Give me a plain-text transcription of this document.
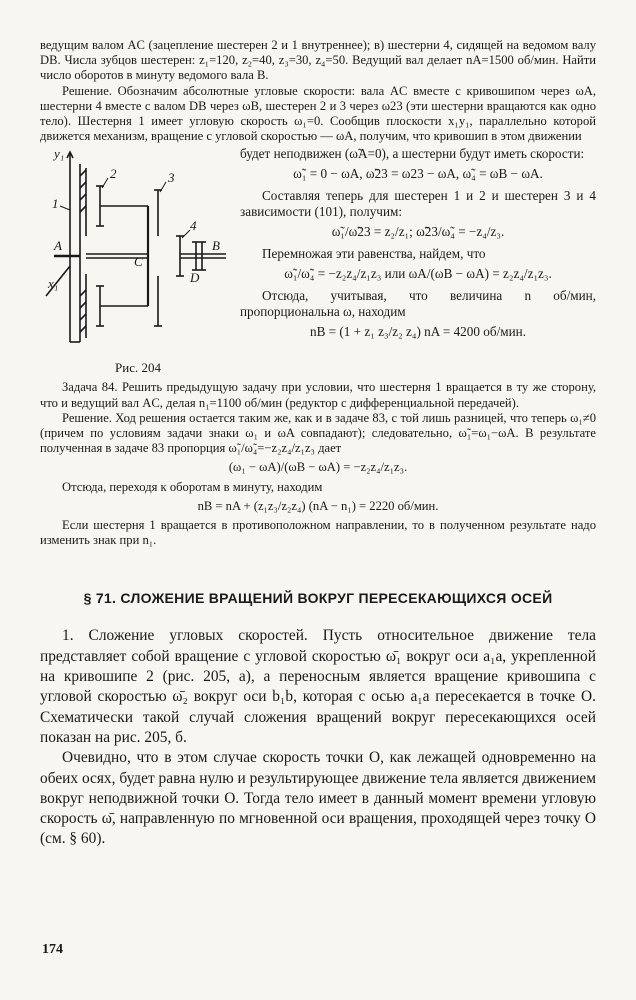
ведущим валом AC (зацепление шестерен 2 и 1 внутреннее); в) шестерни 4, сидящей на ведомом валу DB. Числа зубцов шестерен: z₁=120, z₂=40, z₃=30, z₄=50. Ведущий вал делает nA=1500 об/мин. Найти число оборотов в минуту ведомого вала B.

Решение. Обозначим абсолютные угловые скорости: вала AC вместе с кривошипом через ωA, шестерни 4 вместе с валом DB через ωB, шестерен 2 и 3 через ω23 (эти шестерни вращаются как одно тело). Шестерня 1 имеет угловую скорость ω₁=0. Сообщив плоскости x₁y₁, параллельно которой движется механизм, вращение с угловой скоростью — ωA, получим, что кривошип в этом движении

y₁
1
2	3
A
C
4
B
D
x₁
Рис. 204

будет неподвижен (ω̃A=0), а шестерни будут иметь скорости:

ω̃₁ = 0 − ωA, ω̃23 = ω23 − ωA, ω̃₄ = ωB − ωA.

Составляя теперь для шестерен 1 и 2 и шестерен 3 и 4 зависимости (101), получим:

ω̃₁/ω̃23 = z₂/z₁; ω̃23/ω̃₄ = −z₄/z₃.

Перемножая эти равенства, найдем, что

ω̃₁/ω̃₄ = −z₂z₄/z₁z₃ или ωA/(ωB − ωA) = z₂z₄/z₁z₃.

Отсюда, учитывая, что величина n об/мин, пропорциональна ω, находим

nB = (1 + z₁ z₃/z₂ z₄) nA = 4200 об/мин.

Задача 84. Решить предыдущую задачу при условии, что шестерня 1 вращается в ту же сторону, что и ведущий вал AC, делая n₁=1100 об/мин (редуктор с дифференциальной передачей).

Решение. Ход решения остается таким же, как и в задаче 83, с той лишь разницей, что теперь ω₁≠0 (причем по условиям задачи знаки ω₁ и ωA совпадают); следовательно, ω̃₁=ω₁−ωA. В результате полученная в задаче 83 пропорция ω̃₁/ω̃₄=−z₂z₄/z₁z₃ дает

(ω₁ − ωA)/(ωB − ωA) = −z₂z₄/z₁z₃.

Отсюда, переходя к оборотам в минуту, находим

nB = nA + (z₁z₃/z₂z₄) (nA − n₁) = 2220 об/мин.

Если шестерня 1 вращается в противоположном направлении, то в полученном результате надо изменить знак при n₁.

§ 71. СЛОЖЕНИЕ ВРАЩЕНИЙ ВОКРУГ ПЕРЕСЕКАЮЩИХСЯ ОСЕЙ

1. Сложение угловых скоростей. Пусть относительное движение тела представляет собой вращение с угловой скоростью ω̄₁ вокруг оси a₁a, укрепленной на кривошипе 2 (рис. 205, a), а переносным является вращение кривошипа с угловой скоростью ω̄₂ вокруг оси b₁b, которая с осью a₁a пересекается в точке O. Схематически такой случай сложения вращений вокруг пересекающихся осей показан на рис. 205, б.

Очевидно, что в этом случае скорость точки O, как лежащей одновременно на обеих осях, будет равна нулю и результирующее движение тела является движением вокруг неподвижной точки O. Тогда тело имеет в данный момент времени угловую скорость ω̄, направленную по мгновенной оси вращения, проходящей через точку O (см. § 60).

174
